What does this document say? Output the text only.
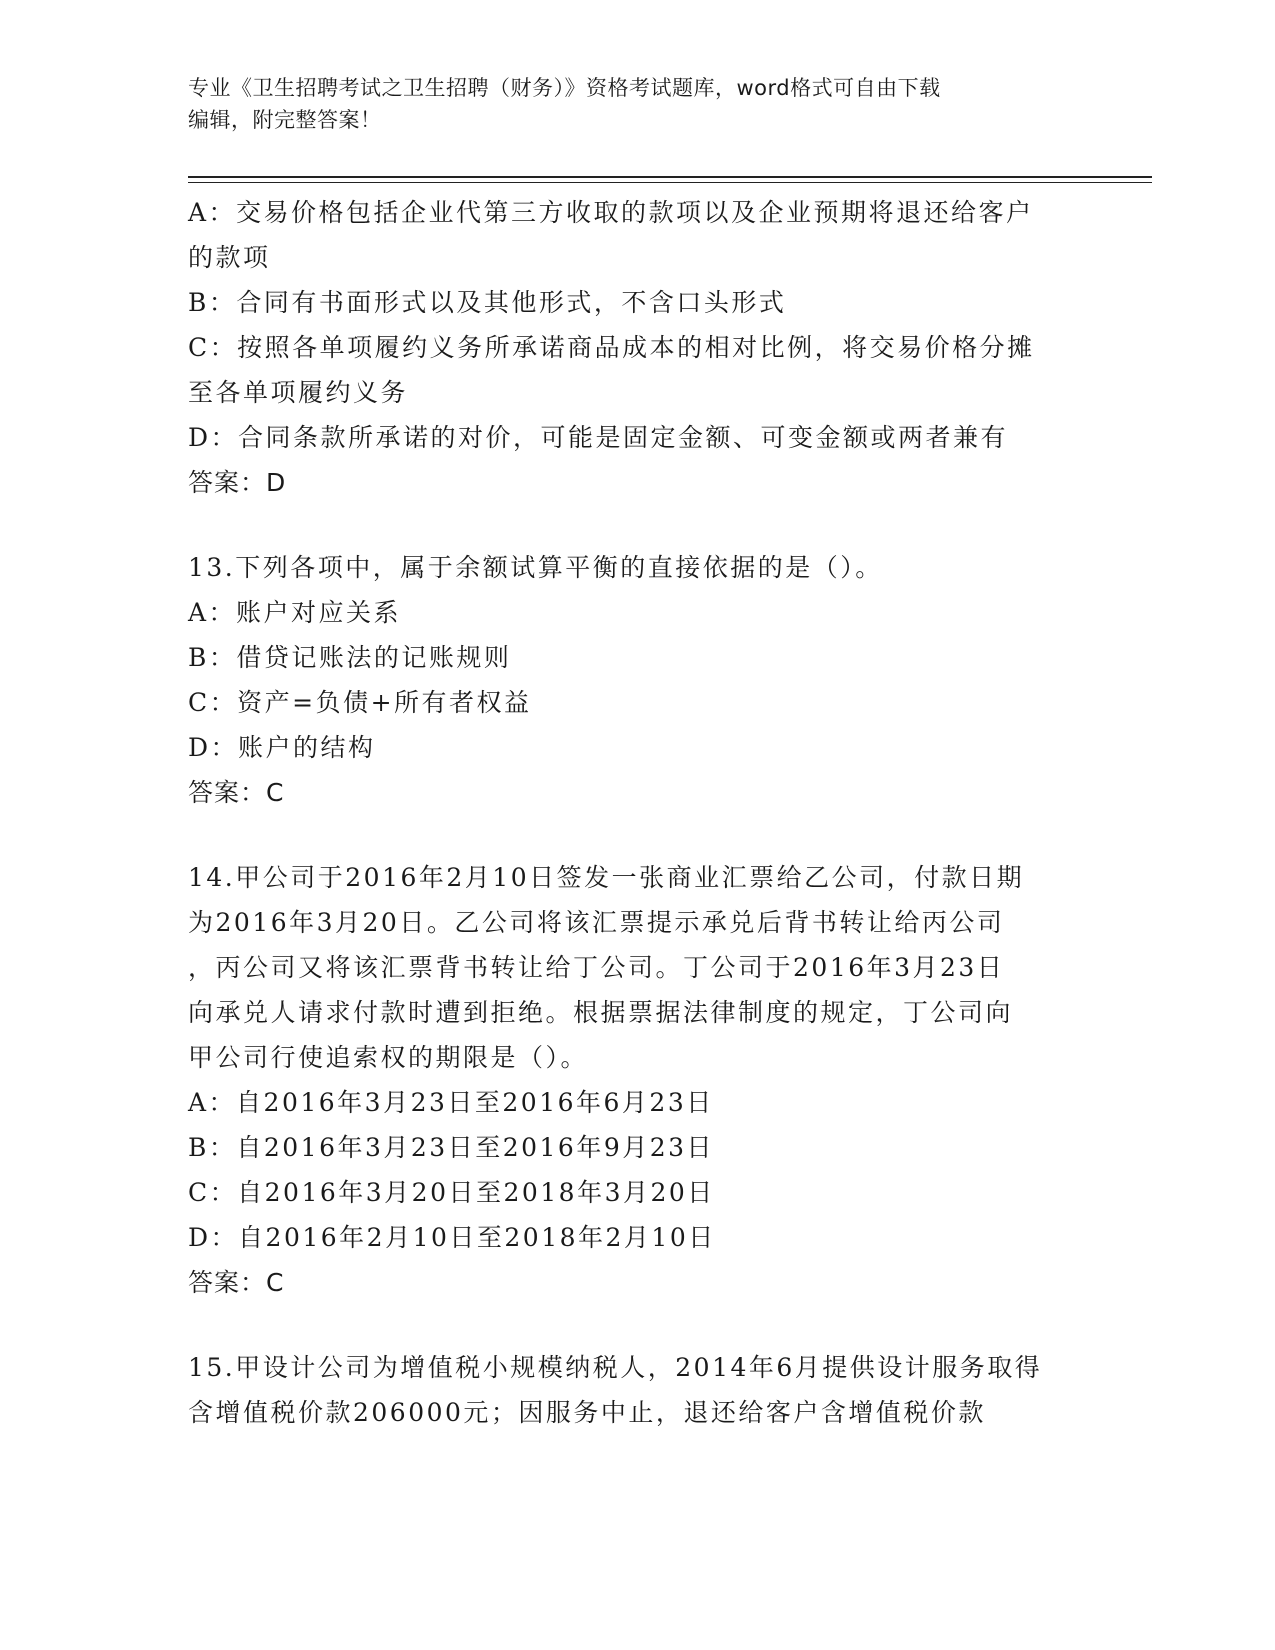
专业《卫生招聘考试之卫生招聘（财务）》资格考试题库，word格式可自由下载
编辑，附完整答案！
A：交易价格包括企业代第三方收取的款项以及企业预期将退还给客户
的款项
B：合同有书面形式以及其他形式，不含口头形式
C：按照各单项履约义务所承诺商品成本的相对比例，将交易价格分摊
至各单项履约义务
D：合同条款所承诺的对价，可能是固定金额、可变金额或两者兼有
答案：D
13.下列各项中，属于余额试算平衡的直接依据的是（）。
A：账户对应关系
B：借贷记账法的记账规则
C：资产=负债+所有者权益
D：账户的结构
答案：C
14.甲公司于2016年2月10日签发一张商业汇票给乙公司，付款日期
为2016年3月20日。乙公司将该汇票提示承兑后背书转让给丙公司
，丙公司又将该汇票背书转让给丁公司。丁公司于2016年3月23日
向承兑人请求付款时遭到拒绝。根据票据法律制度的规定，丁公司向
甲公司行使追索权的期限是（）。
A：自2016年3月23日至2016年6月23日
B：自2016年3月23日至2016年9月23日
C：自2016年3月20日至2018年3月20日
D：自2016年2月10日至2018年2月10日
答案：C
15.甲设计公司为增值税小规模纳税人，2014年6月提供设计服务取得
含增值税价款206000元；因服务中止，退还给客户含增值税价款
